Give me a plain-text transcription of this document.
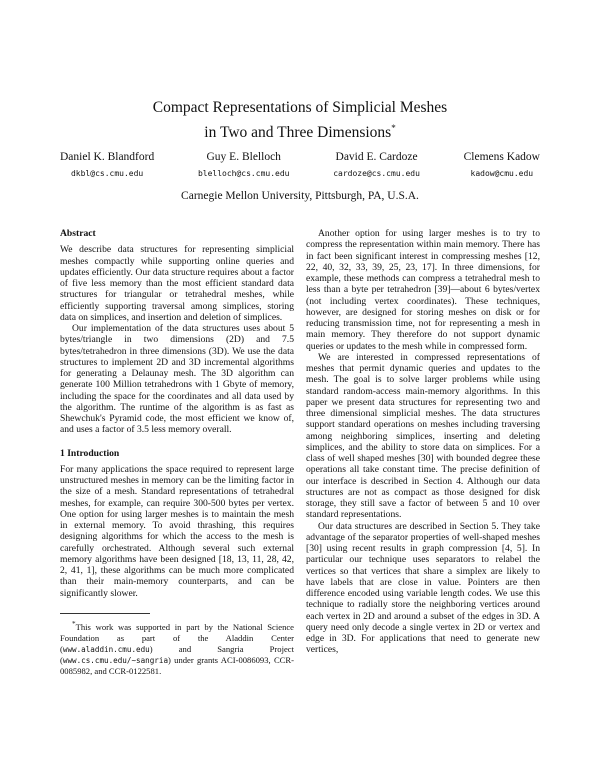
Compact Representations of Simplicial Meshes
in Two and Three Dimensions*
Daniel K. Blandford
dkbl@cs.cmu.edu
Guy E. Blelloch
blelloch@cs.cmu.edu
David E. Cardoze
cardoze@cs.cmu.edu
Clemens Kadow
kadow@cmu.edu
Carnegie Mellon University, Pittsburgh, PA, U.S.A.
Abstract

We describe data structures for representing simplicial meshes compactly while supporting online queries and updates efficiently. Our data structure requires about a factor of five less memory than the most efficient standard data structures for triangular or tetrahedral meshes, while efficiently supporting traversal among simplices, storing data on simplices, and insertion and deletion of simplices.

Our implementation of the data structures uses about 5 bytes/triangle in two dimensions (2D) and 7.5 bytes/tetrahedron in three dimensions (3D). We use the data structures to implement 2D and 3D incremental algorithms for generating a Delaunay mesh. The 3D algorithm can generate 100 Million tetrahedrons with 1 Gbyte of memory, including the space for the coordinates and all data used by the algorithm. The runtime of the algorithm is as fast as Shewchuk's Pyramid code, the most efficient we know of, and uses a factor of 3.5 less memory overall.

1 Introduction

For many applications the space required to represent large unstructured meshes in memory can be the limiting factor in the size of a mesh. Standard representations of tetrahedral meshes, for example, can require 300-500 bytes per vertex. One option for using larger meshes is to maintain the mesh in external memory. To avoid thrashing, this requires designing algorithms for which the access to the mesh is carefully orchestrated. Although several such external memory algorithms have been designed [18, 13, 11, 28, 42, 2, 41, 1], these algorithms can be much more complicated than their main-memory counterparts, and can be significantly slower.

*This work was supported in part by the National Science Foundation as part of the Aladdin Center (www.aladdin.cmu.edu) and Sangria Project (www.cs.cmu.edu/~sangria) under grants ACI-0086093, CCR-0085982, and CCR-0122581.

Another option for using larger meshes is to try to compress the representation within main memory. There has in fact been significant interest in compressing meshes [12, 22, 40, 32, 33, 39, 25, 23, 17]. In three dimensions, for example, these methods can compress a tetrahedral mesh to less than a byte per tetrahedron [39]—about 6 bytes/vertex (not including vertex coordinates). These techniques, however, are designed for storing meshes on disk or for reducing transmission time, not for representing a mesh in main memory. They therefore do not support dynamic queries or updates to the mesh while in compressed form.

We are interested in compressed representations of meshes that permit dynamic queries and updates to the mesh. The goal is to solve larger problems while using standard random-access main-memory algorithms. In this paper we present data structures for representing two and three dimensional simplicial meshes. The data structures support standard operations on meshes including traversing among neighboring simplices, inserting and deleting simplices, and the ability to store data on simplices. For a class of well shaped meshes [30] with bounded degree these operations all take constant time. The precise definition of our interface is described in Section 4. Although our data structures are not as compact as those designed for disk storage, they still save a factor of between 5 and 10 over standard representations.

Our data structures are described in Section 5. They take advantage of the separator properties of well-shaped meshes [30] using recent results in graph compression [4, 5]. In particular our technique uses separators to relabel the vertices so that vertices that share a simplex are likely to have labels that are close in value. Pointers are then difference encoded using variable length codes. We use this technique to radially store the neighboring vertices around each vertex in 2D and around a subset of the edges in 3D. A query need only decode a single vertex in 2D or vertex and edge in 3D. For applications that need to generate new vertices,
